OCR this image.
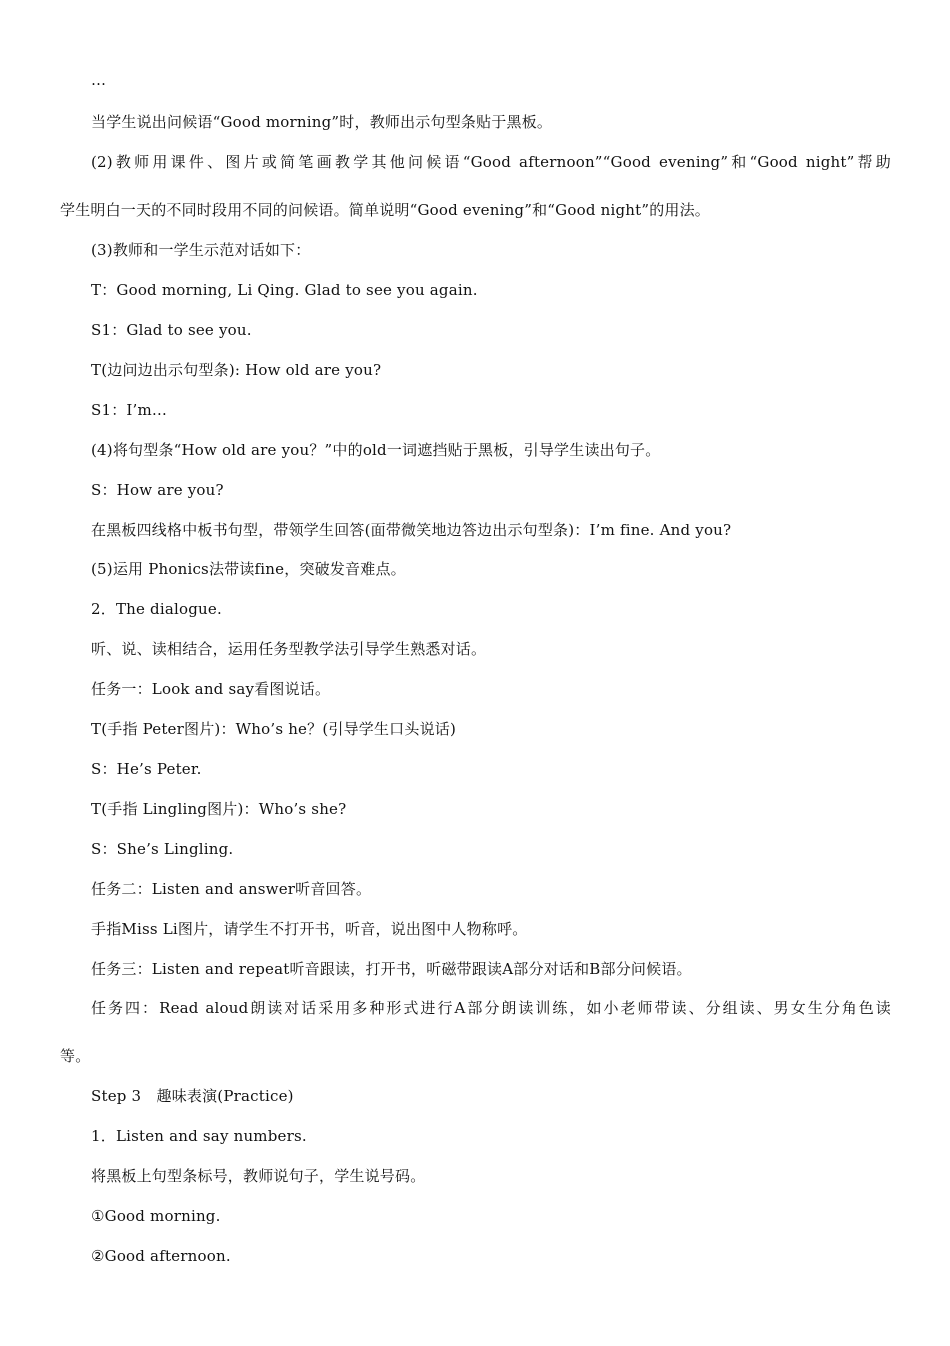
…
当学生说出问候语“Good morning”时，教师出示句型条贴于黑板。
(2)教师用课件、图片或简笔画教学其他问候语“Good afternoon”“Good evening”和“Good night”帮助
学生明白一天的不同时段用不同的问候语。简单说明“Good evening”和“Good night”的用法。
(3)教师和一学生示范对话如下：
T：Good morning, Li Qing. Glad to see you again.
S1：Glad to see you.
T(边问边出示句型条): How old are you?
S1：I’m…
(4)将句型条“How old are you？”中的old一词遮挡贴于黑板，引导学生读出句子。
S：How are you?
在黑板四线格中板书句型，带领学生回答(面带微笑地边答边出示句型条)：I’m fine. And you?
(5)运用 Phonics法带读fine，突破发音难点。
2．The dialogue.
听、说、读相结合，运用任务型教学法引导学生熟悉对话。
任务一：Look and say看图说话。
T(手指 Peter图片)：Who’s he？(引导学生口头说话)
S：He’s Peter.
T(手指 Lingling图片)：Who’s she?
S：She’s Lingling.
任务二：Listen and answer听音回答。
手指Miss Li图片，请学生不打开书，听音，说出图中人物称呼。
任务三：Listen and repeat听音跟读，打开书，听磁带跟读A部分对话和B部分问候语。
任务四：Read aloud朗读对话采用多种形式进行A部分朗读训练，如小老师带读、分组读、男女生分角色读
等。
Step 3　趣味表演(Practice)
1．Listen and say numbers.
将黑板上句型条标号，教师说句子，学生说号码。
①Good morning.
②Good afternoon.
